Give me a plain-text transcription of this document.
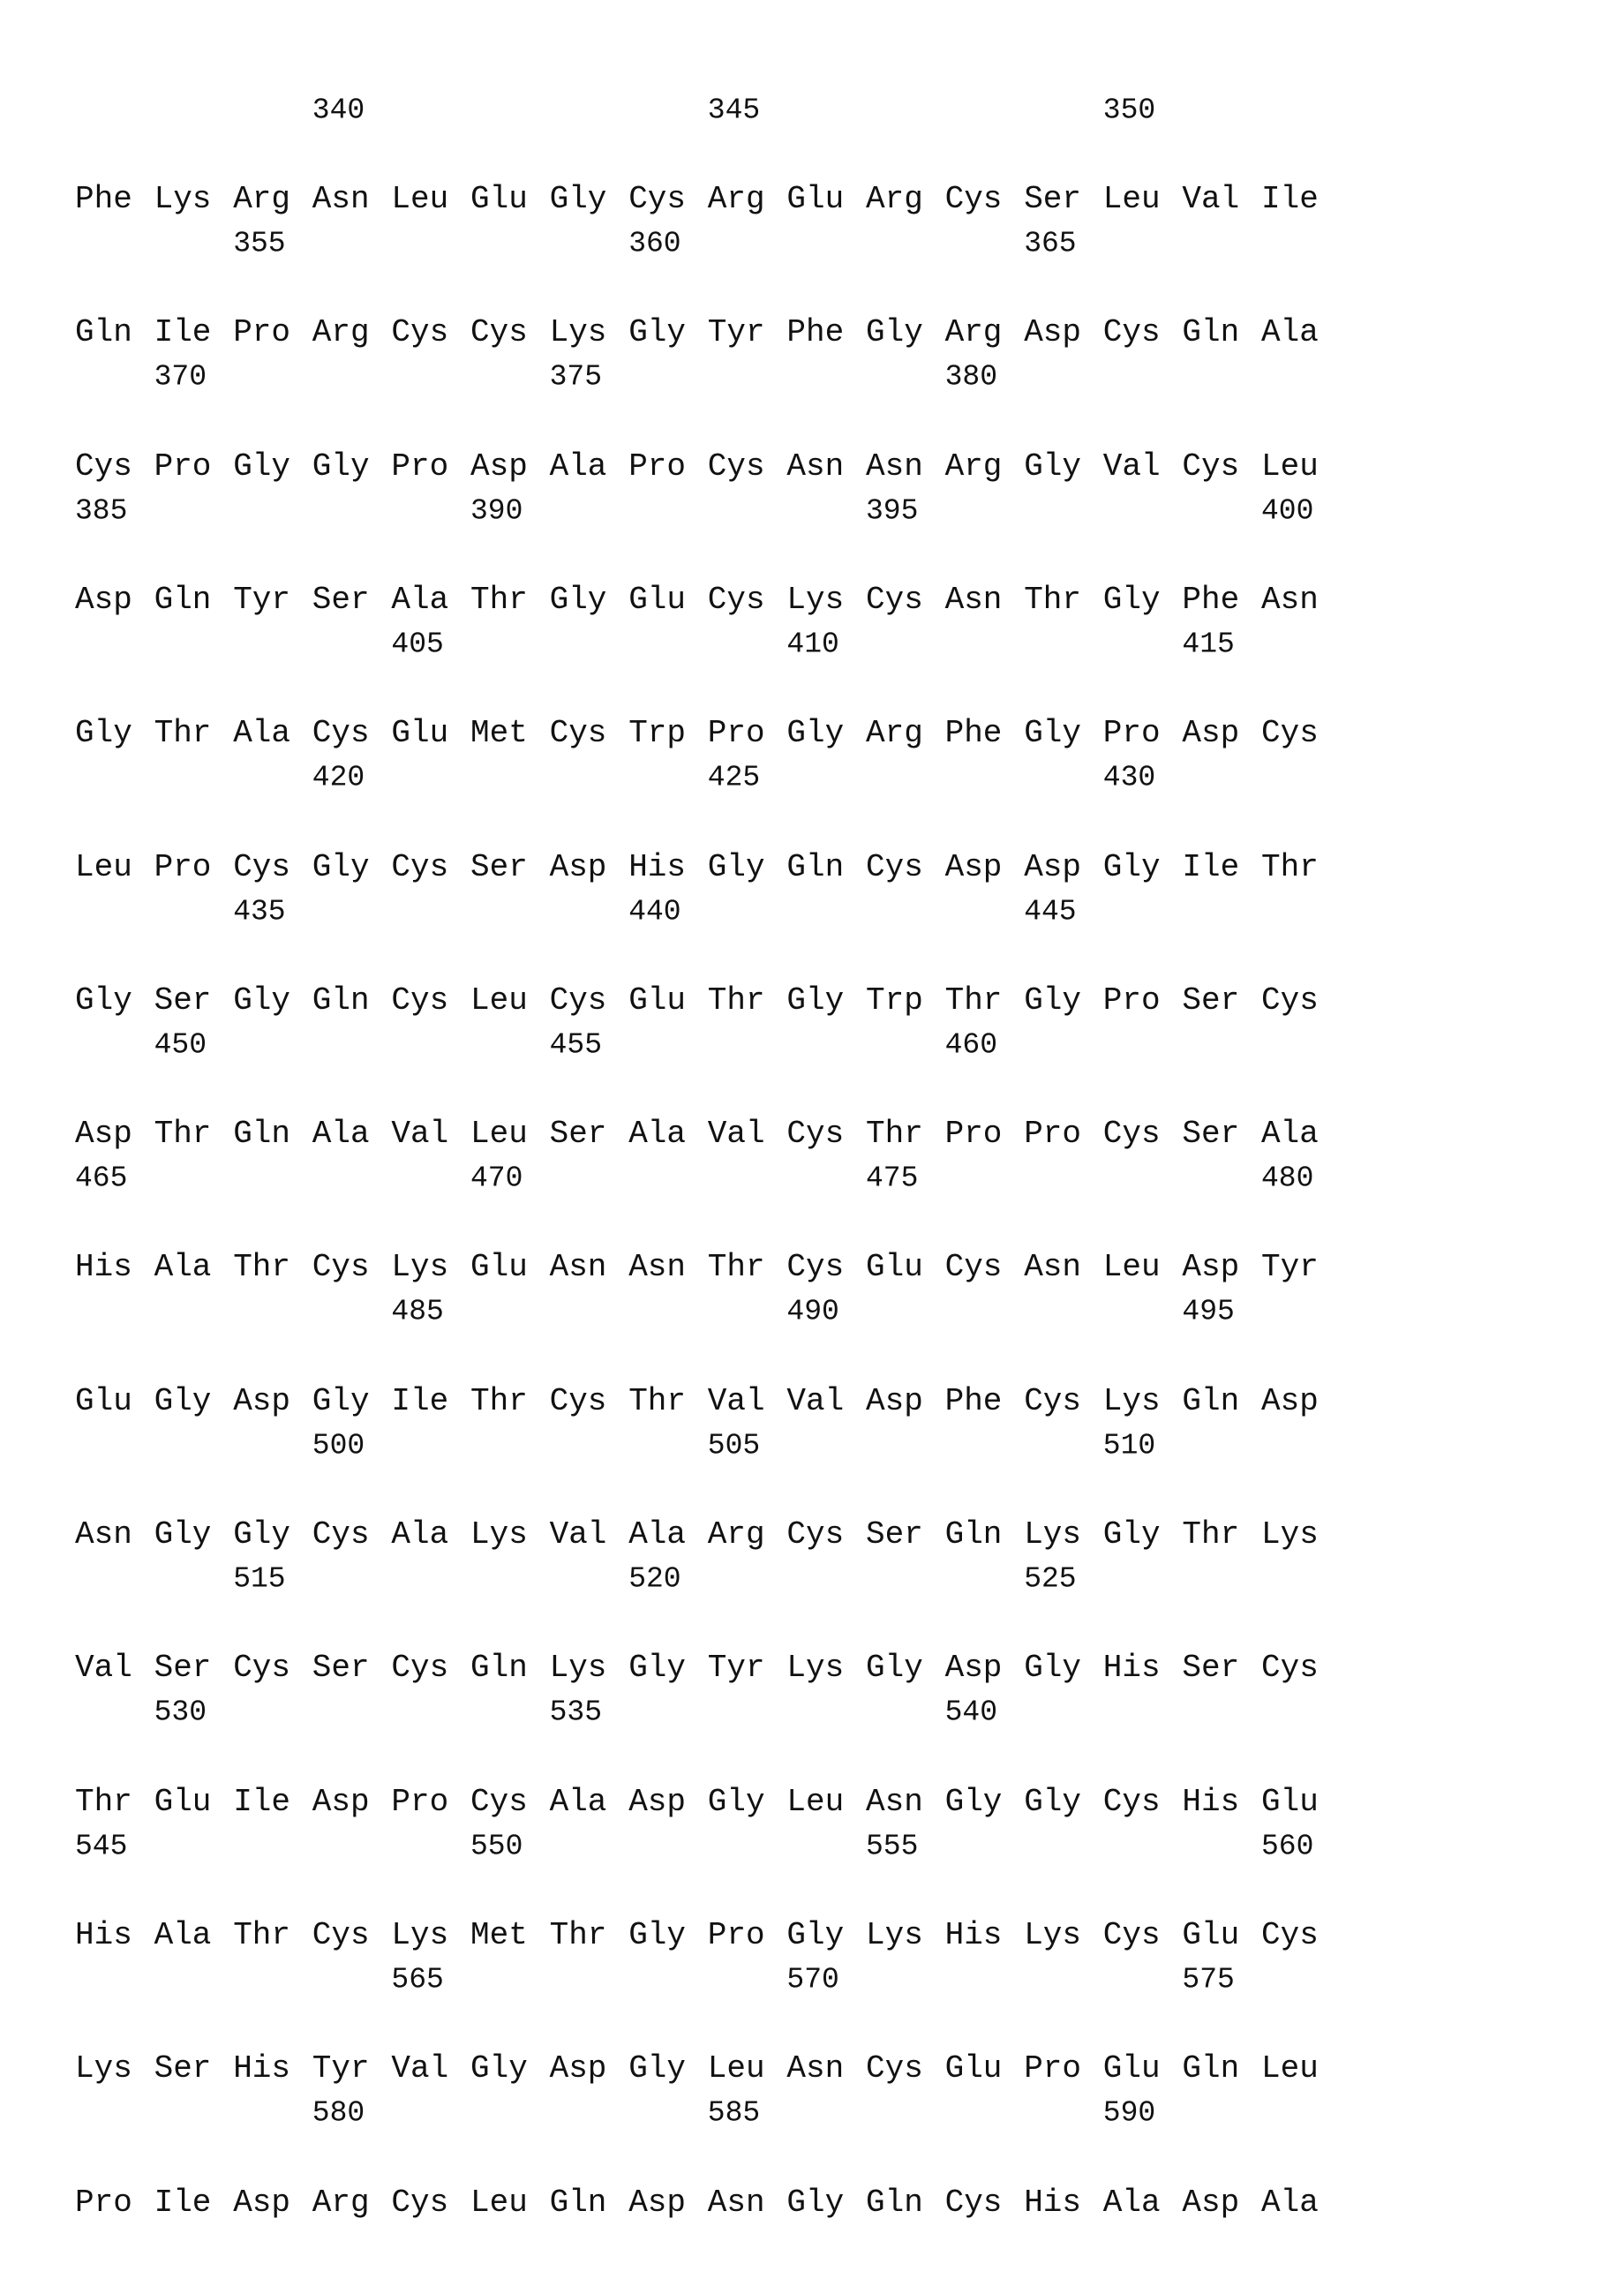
340	345	350
Phe Lys Arg Asn Leu Glu Gly Cys Arg Glu Arg Cys Ser Leu Val Ile
355	360	365
Gln Ile Pro Arg Cys Cys Lys Gly Tyr Phe Gly Arg Asp Cys Gln Ala
370	375	380
Cys Pro Gly Gly Pro Asp Ala Pro Cys Asn Asn Arg Gly Val Cys Leu
385	390	395	400
Asp Gln Tyr Ser Ala Thr Gly Glu Cys Lys Cys Asn Thr Gly Phe Asn
405	410	415
Gly Thr Ala Cys Glu Met Cys Trp Pro Gly Arg Phe Gly Pro Asp Cys
420	425	430
Leu Pro Cys Gly Cys Ser Asp His Gly Gln Cys Asp Asp Gly Ile Thr
435	440	445
Gly Ser Gly Gln Cys Leu Cys Glu Thr Gly Trp Thr Gly Pro Ser Cys
450	455	460
Asp Thr Gln Ala Val Leu Ser Ala Val Cys Thr Pro Pro Cys Ser Ala
465	470	475	480
His Ala Thr Cys Lys Glu Asn Asn Thr Cys Glu Cys Asn Leu Asp Tyr
485	490	495
Glu Gly Asp Gly Ile Thr Cys Thr Val Val Asp Phe Cys Lys Gln Asp
500	505	510
Asn Gly Gly Cys Ala Lys Val Ala Arg Cys Ser Gln Lys Gly Thr Lys
515	520	525
Val Ser Cys Ser Cys Gln Lys Gly Tyr Lys Gly Asp Gly His Ser Cys
530	535	540
Thr Glu Ile Asp Pro Cys Ala Asp Gly Leu Asn Gly Gly Cys His Glu
545	550	555	560
His Ala Thr Cys Lys Met Thr Gly Pro Gly Lys His Lys Cys Glu Cys
565	570	575
Lys Ser His Tyr Val Gly Asp Gly Leu Asn Cys Glu Pro Glu Gln Leu
580	585	590
Pro Ile Asp Arg Cys Leu Gln Asp Asn Gly Gln Cys His Ala Asp Ala
